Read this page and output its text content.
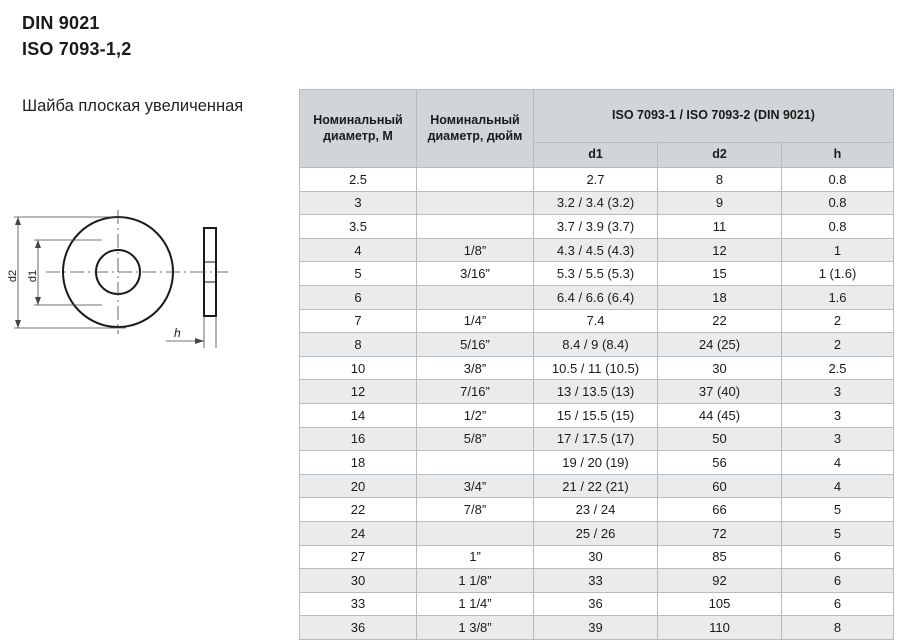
DIN 9021
ISO 7093-1,2
Шайба плоская увеличенная
d2 d1
h
Номинальный диаметр, M	Номинальный диаметр, дюйм	ISO 7093-1 / ISO 7093-2 (DIN 9021)		
		d1	d2	h
2.5		2.7	8	0.8
3		3.2 / 3.4 (3.2)	9	0.8
3.5		3.7 / 3.9 (3.7)	11	0.8
4	1/8”	4.3 / 4.5 (4.3)	12	1
5	3/16”	5.3 / 5.5 (5.3)	15	1 (1.6)
6		6.4 / 6.6 (6.4)	18	1.6
7	1/4”	7.4	22	2
8	5/16”	8.4 / 9 (8.4)	24 (25)	2
10	3/8”	10.5 / 11 (10.5)	30	2.5
12	7/16”	13 / 13.5 (13)	37 (40)	3
14	1/2”	15 / 15.5 (15)	44 (45)	3
16	5/8”	17 / 17.5 (17)	50	3
18		19 / 20 (19)	56	4
20	3/4”	21 / 22 (21)	60	4
22	7/8”	23 / 24	66	5
24		25 / 26	72	5
27	1”	30	85	6
30	1 1/8”	33	92	6
33	1 1/4”	36	105	6
36	1 3/8”	39	110	8
